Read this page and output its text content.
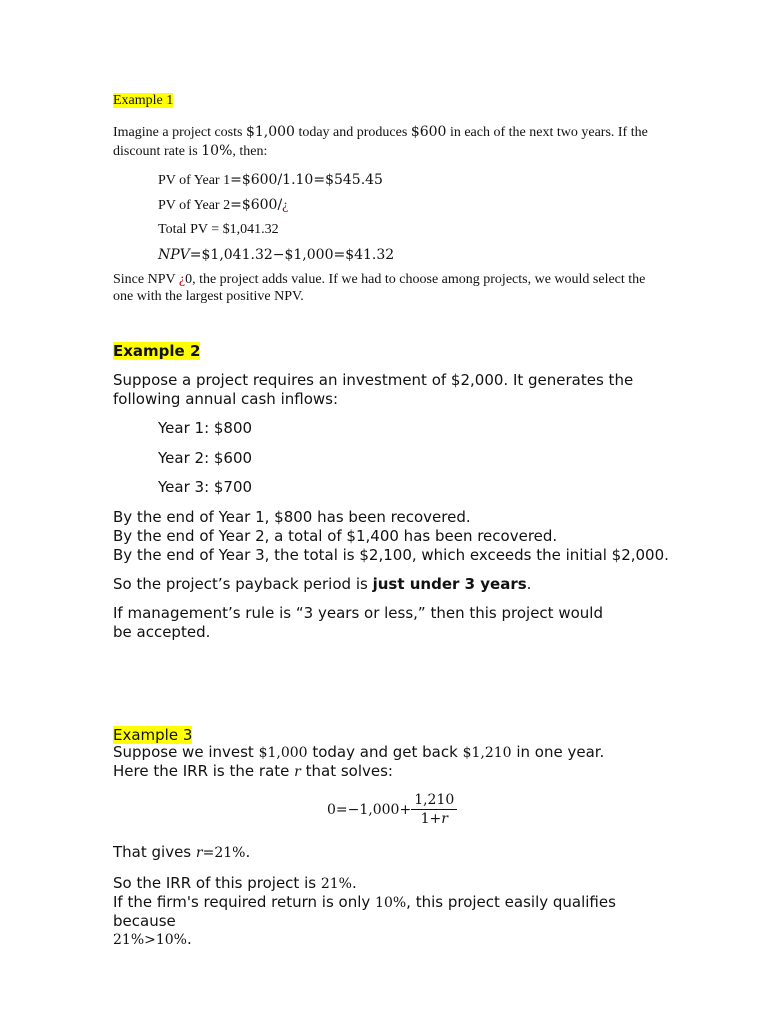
Example 1
Imagine a project costs $1,000 today and produces $600 in each of the next two years. If the
discount rate is 10%, then:
PV of Year 1=$600/1.10=$545.45
PV of Year 2=$600/¿
Total PV = $1,041.32
NPV=$1,041.32−$1,000=$41.32
Since NPV ¿0, the project adds value. If we had to choose among projects, we would select the one with the largest positive NPV.
Example 2
Suppose a project requires an investment of $2,000. It generates the following annual cash inflows:
Year 1: $800
Year 2: $600
Year 3: $700
By the end of Year 1, $800 has been recovered.
By the end of Year 2, a total of $1,400 has been recovered.
By the end of Year 3, the total is $2,100, which exceeds the initial $2,000.
So the project’s payback period is just under 3 years.
If management’s rule is “3 years or less,” then this project would be accepted.
Example 3
Suppose we invest $1,000 today and get back $1,210 in one year.
Here the IRR is the rate r that solves:
$0=-1,000+ \frac{1,210}{1+r}$
That gives r=21%.
So the IRR of this project is 21%.
If the firm's required return is only 10%, this project easily qualifies because
21%>10%.
